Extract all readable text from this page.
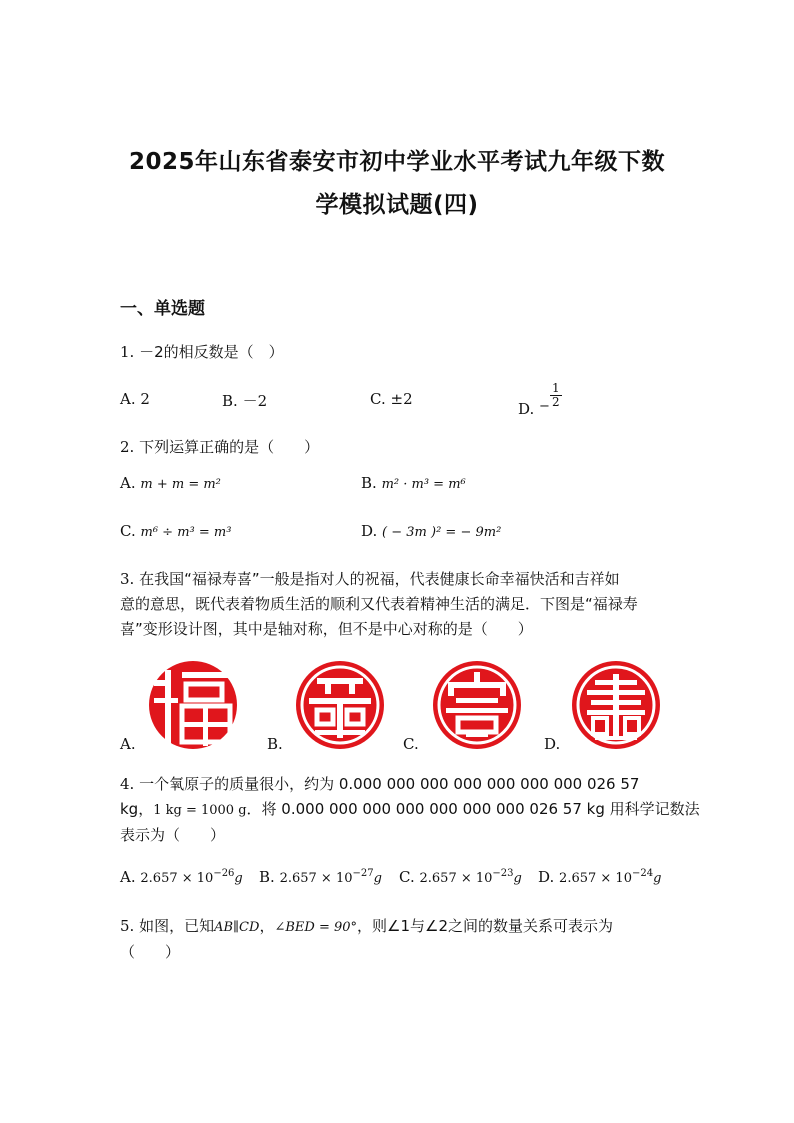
2025年山东省泰安市初中学业水平考试九年级下数
学模拟试题(四)
一、单选题
1. －2的相反数是（　）
A. 2	B. －2	C. ±2
D. − $\frac{1}{2}$
2. 下列运算正确的是（　　）
A. m + m = m²	B. m² · m³ = m⁶
C. m⁶ ÷ m³ = m³	D. ( − 3m )² = − 9m²
3. 在我国“福禄寿喜”一般是指对人的祝福，代表健康长命幸福快活和吉祥如
意的意思，既代表着物质生活的顺利又代表着精神生活的满足．下图是“福禄寿
喜”变形设计图，其中是轴对称，但不是中心对称的是（　　）
A.	B.	C.	D.
4. 一个氧原子的质量很小，约为 0.000 000 000 000 000 000 000 026 57
kg，1 kg = 1000 g．将 0.000 000 000 000 000 000 000 026 57 kg 用科学记数法
表示为（　　）
A. $2.657 \times 10^{-26}g$ B. $2.657 \times 10^{-27}g$ C. $2.657 \times 10^{-23}g$ D. $2.657 \times 10^{-24}g$
5. 如图，已知AB∥CD，∠BED = 90°，则∠1与∠2之间的数量关系可表示为
（　　）
